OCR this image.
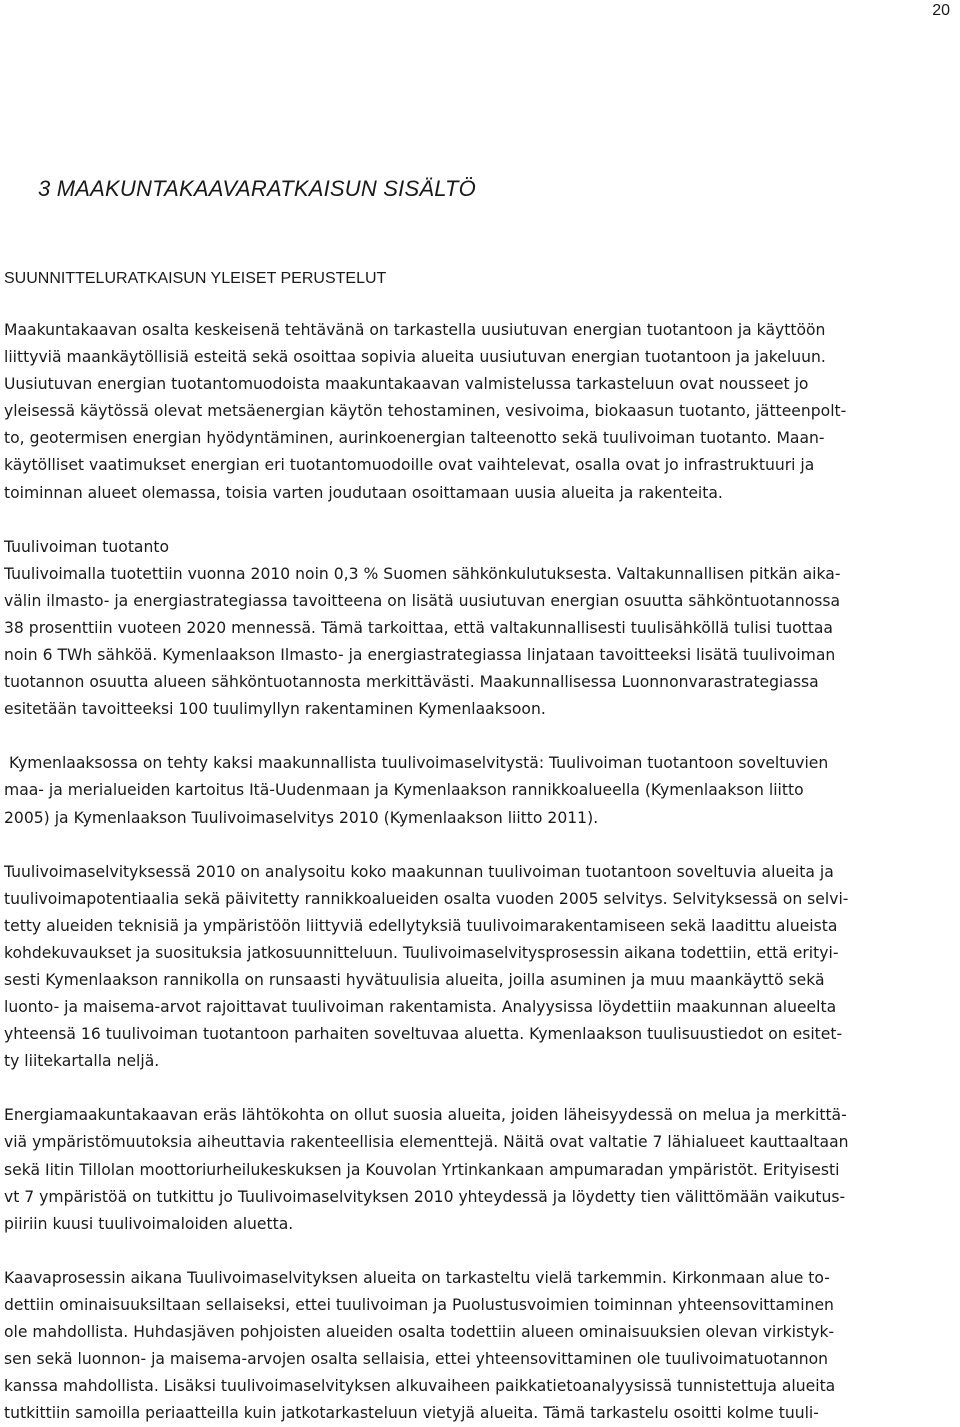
20
3 MAAKUNTAKAAVARATKAISUN SISÄLTÖ
SUUNNITTELURATKAISUN YLEISET PERUSTELUT

Maakuntakaavan osalta keskeisenä tehtävänä on tarkastella uusiutuvan energian tuotantoon ja käyttöön
liittyviä maankäytöllisiä esteitä sekä osoittaa sopivia alueita uusiutuvan energian tuotantoon ja jakeluun.
Uusiutuvan energian tuotantomuodoista maakuntakaavan valmistelussa tarkasteluun ovat nousseet jo
yleisessä käytössä olevat metsäenergian käytön tehostaminen, vesivoima, biokaasun tuotanto, jätteenpolt-
to, geotermisen energian hyödyntäminen, aurinkoenergian talteenotto sekä tuulivoiman tuotanto. Maan-
käytölliset vaatimukset energian eri tuotantomuodoille ovat vaihtelevat, osalla ovat jo infrastruktuuri ja
toiminnan alueet olemassa, toisia varten joudutaan osoittamaan uusia alueita ja rakenteita.

Tuulivoiman tuotanto
Tuulivoimalla tuotettiin vuonna 2010 noin 0,3 % Suomen sähkönkulutuksesta. Valtakunnallisen pitkän aika-
välin ilmasto- ja energiastrategiassa tavoitteena on lisätä uusiutuvan energian osuutta sähköntuotannossa
38 prosenttiin vuoteen 2020 mennessä. Tämä tarkoittaa, että valtakunnallisesti tuulisähköllä tulisi tuottaa
noin 6 TWh sähköä. Kymenlaakson Ilmasto- ja energiastrategiassa linjataan tavoitteeksi lisätä tuulivoiman
tuotannon osuutta alueen sähköntuotannosta merkittävästi. Maakunnallisessa Luonnonvarastrategiassa
esitetään tavoitteeksi 100 tuulimyllyn rakentaminen Kymenlaaksoon.

Kymenlaaksossa on tehty kaksi maakunnallista tuulivoimaselvitystä: Tuulivoiman tuotantoon soveltuvien
maa- ja merialueiden kartoitus Itä-Uudenmaan ja Kymenlaakson rannikkoalueella (Kymenlaakson liitto
2005) ja Kymenlaakson Tuulivoimaselvitys 2010 (Kymenlaakson liitto 2011).

Tuulivoimaselvityksessä 2010 on analysoitu koko maakunnan tuulivoiman tuotantoon soveltuvia alueita ja
tuulivoimapotentiaalia sekä päivitetty rannikkoalueiden osalta vuoden 2005 selvitys. Selvityksessä on selvi-
tetty alueiden teknisiä ja ympäristöön liittyviä edellytyksiä tuulivoimarakentamiseen sekä laadittu alueista
kohdekuvaukset ja suosituksia jatkosuunnitteluun. Tuulivoimaselvitysprosessin aikana todettiin, että erityi-
sesti Kymenlaakson rannikolla on runsaasti hyvätuulisia alueita, joilla asuminen ja muu maankäyttö sekä
luonto- ja maisema-arvot rajoittavat tuulivoiman rakentamista. Analyysissa löydettiin maakunnan alueelta
yhteensä 16 tuulivoiman tuotantoon parhaiten soveltuvaa aluetta. Kymenlaakson tuulisuustiedot on esitet-
ty liitekartalla neljä.

Energiamaakuntakaavan eräs lähtökohta on ollut suosia alueita, joiden läheisyydessä on melua ja merkittä-
viä ympäristömuutoksia aiheuttavia rakenteellisia elementtejä. Näitä ovat valtatie 7 lähialueet kauttaaltaan
sekä Iitin Tillolan moottoriurheilukeskuksen ja Kouvolan Yrtinkankaan ampumaradan ympäristöt. Erityisesti
vt 7 ympäristöä on tutkittu jo Tuulivoimaselvityksen 2010 yhteydessä ja löydetty tien välittömään vaikutus-
piiriin kuusi tuulivoimaloiden aluetta.

Kaavaprosessin aikana Tuulivoimaselvityksen alueita on tarkasteltu vielä tarkemmin. Kirkonmaan alue to-
dettiin ominaisuuksiltaan sellaiseksi, ettei tuulivoiman ja Puolustusvoimien toiminnan yhteensovittaminen
ole mahdollista. Huhdasjäven pohjoisten alueiden osalta todettiin alueen ominaisuuksien olevan virkistyk-
sen sekä luonnon- ja maisema-arvojen osalta sellaisia, ettei yhteensovittaminen ole tuulivoimatuotannon
kanssa mahdollista. Lisäksi tuulivoimaselvityksen alkuvaiheen paikkatietoanalyysissä tunnistettuja alueita
tutkittiin samoilla periaatteilla kuin jatkotarkasteluun vietyjä alueita. Tämä tarkastelu osoitti kolme tuuli-
